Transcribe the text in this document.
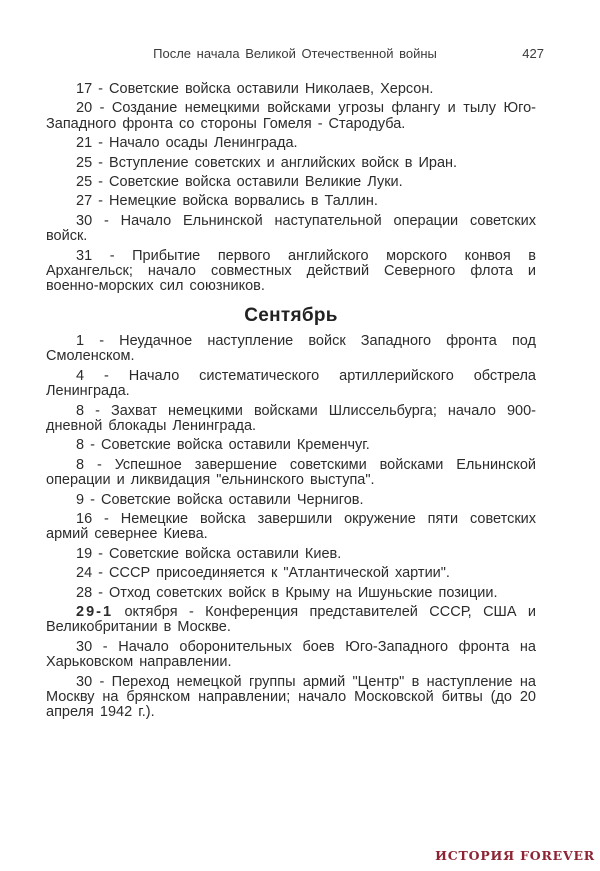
После начала Великой Отечественной войны	427

17 - Советские войска оставили Николаев, Херсон.

20 - Создание немецкими войсками угрозы флангу и тылу Юго-Западного фронта со стороны Гомеля - Стародуба.

21 - Начало осады Ленинграда.

25 - Вступление советских и английских войск в Иран.

25 - Советские войска оставили Великие Луки.

27 - Немецкие войска ворвались в Таллин.

30 - Начало Ельнинской наступательной операции советских войск.

31 - Прибытие первого английского морского конвоя в Архангельск; начало совместных действий Северного флота и военно-морских сил союзников.

Сентябрь

1 - Неудачное наступление войск Западного фронта под Смоленском.

4 - Начало систематического артиллерийского обстрела Ленинграда.

8 - Захват немецкими войсками Шлиссельбурга; начало 900-дневной блокады Ленинграда.

8 - Советские войска оставили Кременчуг.

8 - Успешное завершение советскими войсками Ельнинской операции и ликвидация "ельнинского выступа".

9 - Советские войска оставили Чернигов.

16 - Немецкие войска завершили окружение пяти советских армий севернее Киева.

19 - Советские войска оставили Киев.

24 - СССР присоединяется к "Атлантической хартии".

28 - Отход советских войск в Крыму на Ишуньские позиции.

29-1 октября - Конференция представителей СССР, США и Великобритании в Москве.

30 - Начало оборонительных боев Юго-Западного фронта на Харьковском направлении.

30 - Переход немецкой группы армий "Центр" в наступление на Москву на брянском направлении; начало Московской битвы (до 20 апреля 1942 г.).

ИСТОРИЯ FOREVER
